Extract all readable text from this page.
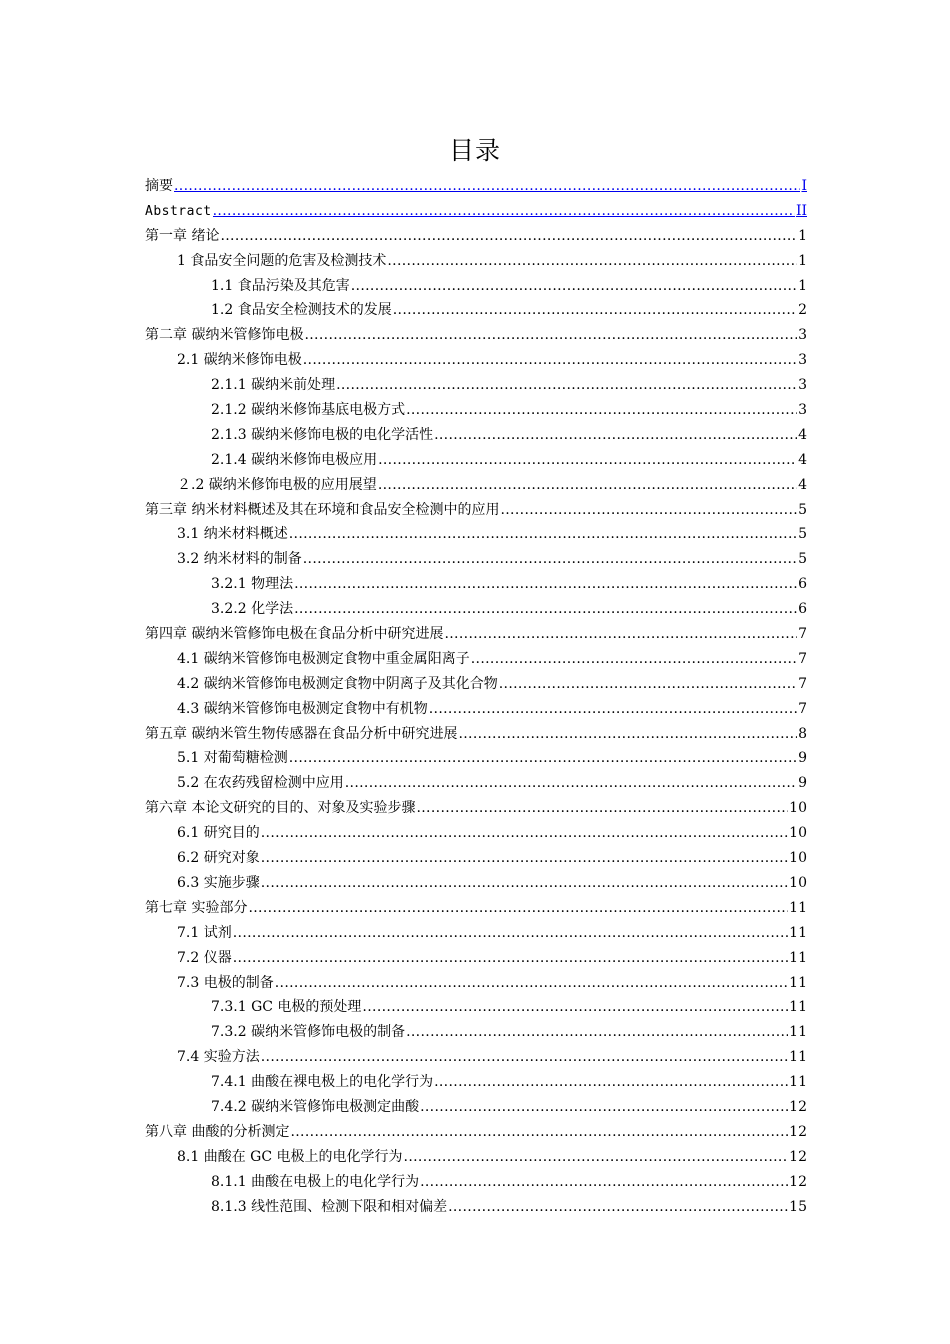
目录
摘要 .....	I
Abstract .....	II
第一章 绪论 .....	1
1 食品安全问题的危害及检测技术 .....	1
1.1 食品污染及其危害 .....	1
1.2 食品安全检测技术的发展 .....	2
第二章 碳纳米管修饰电极 .....	3
2.1 碳纳米修饰电极 .....	3
2.1.1 碳纳米前处理 .....	3
2.1.2 碳纳米修饰基底电极方式 .....	3
2.1.3 碳纳米修饰电极的电化学活性 .....	4
2.1.4 碳纳米修饰电极应用 .....	4
２.2 碳纳米修饰电极的应用展望 .....	4
第三章 纳米材料概述及其在环境和食品安全检测中的应用 .....	5
3.1 纳米材料概述 .....	5
3.2 纳米材料的制备 .....	5
3.2.1 物理法 .....	6
3.2.2 化学法 .....	6
第四章 碳纳米管修饰电极在食品分析中研究进展 .....	7
4.1 碳纳米管修饰电极测定食物中重金属阳离子 .....	7
4.2 碳纳米管修饰电极测定食物中阴离子及其化合物 .....	7
4.3 碳纳米管修饰电极测定食物中有机物 .....	7
第五章 碳纳米管生物传感器在食品分析中研究进展 .....	8
5.1 对葡萄糖检测 .....	9
5.2 在农药残留检测中应用 .....	9
第六章 本论文研究的目的、对象及实验步骤 .....	10
6.1 研究目的 .....	10
6.2 研究对象 .....	10
6.3 实施步骤 .....	10
第七章 实验部分 .....	11
7.1 试剂 .....	11
7.2 仪器 .....	11
7.3 电极的制备 .....	11
7.3.1 GC 电极的预处理 .....	11
7.3.2 碳纳米管修饰电极的制备 .....	11
7.4 实验方法 .....	11
7.4.1 曲酸在裸电极上的电化学行为 .....	11
7.4.2 碳纳米管修饰电极测定曲酸 .....	12
第八章 曲酸的分析测定 .....	12
8.1 曲酸在 GC 电极上的电化学行为 .....	12
8.1.1 曲酸在电极上的电化学行为 .....	12
8.1.3 线性范围、检测下限和相对偏差 .....	15
